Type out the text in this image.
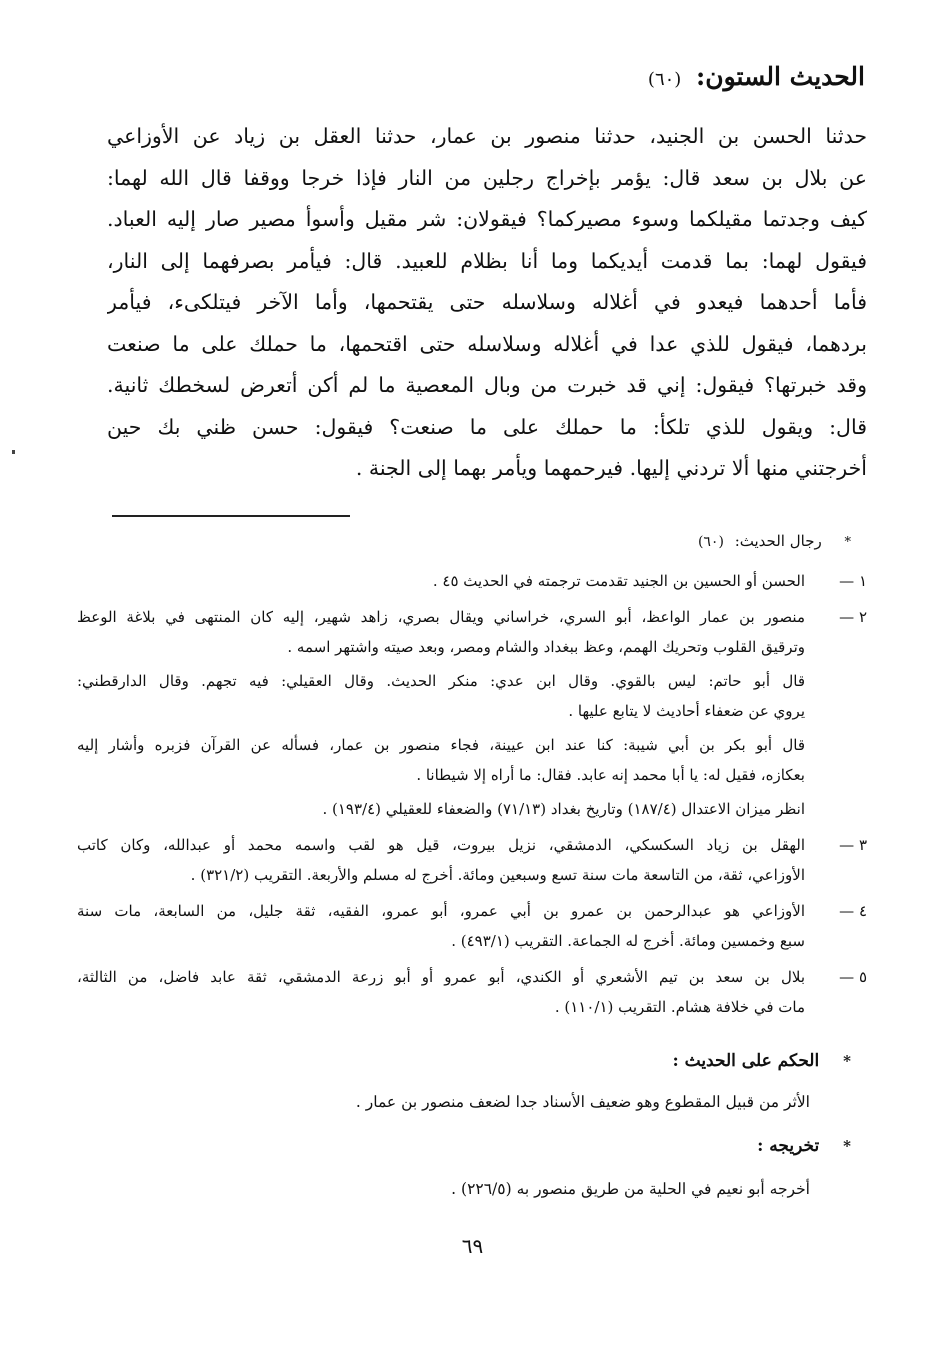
الحديث الستون: (٦٠)
حدثنا الحسن بن الجنيد، حدثنا منصور بن عمار، حدثنا العقل بن زياد عن الأوزاعي
عن بلال بن سعد قال: يؤمر بإخراج رجلين من النار فإذا خرجا ووقفا قال الله لهما:
كيف وجدتما مقيلكما وسوء مصيركما؟ فيقولان: شر مقيل وأسوأ مصير صار إليه العباد.
فيقول لهما: بما قدمت أيديكما وما أنا بظلام للعبيد. قال: فيأمر بصرفهما إلى النار،
فأما أحدهما فيعدو في أغلاله وسلاسله حتى يقتحمها، وأما الآخر فيتلكىء، فيأمر
بردهما، فيقول للذي عدا في أغلاله وسلاسله حتى اقتحمها، ما حملك على ما صنعت
وقد خبرتها؟ فيقول: إني قد خبرت من وبال المعصية ما لم أكن أتعرض لسخطك ثانية.
قال: ويقول للذي تلكأ: ما حملك على ما صنعت؟ فيقول: حسن ظني بك حين
أخرجتني منها ألا تردني إليها. فيرحمهما ويأمر بهما إلى الجنة .
* رجال الحديث: (٦٠)
١ —
الحسن أو الحسين بن الجنيد تقدمت ترجمته في الحديث ٤٥ .
٢ —
منصور بن عمار الواعظ، أبو السري، خراساني ويقال بصري، زاهد شهير، إليه كان المنتهى في بلاغة الوعظ
وترقيق القلوب وتحريك الهمم، وعظ ببغداد والشام ومصر، وبعد صيته واشتهر اسمه .
قال أبو حاتم: ليس بالقوي. وقال ابن عدي: منكر الحديث. وقال العقيلي: فيه تجهم. وقال الدارقطني:
يروي عن ضعفاء أحاديث لا يتابع عليها .
قال أبو بكر بن أبي شيبة: كنا عند ابن عيينة، فجاء منصور بن عمار، فسأله عن القرآن فزبره وأشار إليه
بعكازه، فقيل له: يا أبا محمد إنه عابد. فقال: ما أراه إلا شيطانا .
انظر ميزان الاعتدال (١٨٧/٤) وتاريخ بغداد (٧١/١٣) والضعفاء للعقيلي (١٩٣/٤) .
٣ —
الهقل بن زياد السكسكي، الدمشقي، نزيل بيروت، قيل هو لقب واسمه محمد أو عبدالله، وكان كاتب
الأوزاعي، ثقة، من التاسعة مات سنة تسع وسبعين ومائة. أخرج له مسلم والأربعة. التقريب (٣٢١/٢) .
٤ —
الأوزاعي هو عبدالرحمن بن عمرو بن أبي عمرو، أبو عمرو، الفقيه، ثقة جليل، من السابعة، مات سنة
سبع وخمسين ومائة. أخرج له الجماعة. التقريب (٤٩٣/١) .
٥ —
بلال بن سعد بن تيم الأشعري أو الكندي، أبو عمرو أو أبو زرعة الدمشقي، ثقة عابد فاضل، من الثالثة،
مات في خلافة هشام. التقريب (١١٠/١) .
* الحكم على الحديث :
الأثر من قبيل المقطوع وهو ضعيف الأسناد جدا لضعف منصور بن عمار .
* تخريجه :
أخرجه أبو نعيم في الحلية من طريق منصور به (٢٢٦/٥) .
٦٩
